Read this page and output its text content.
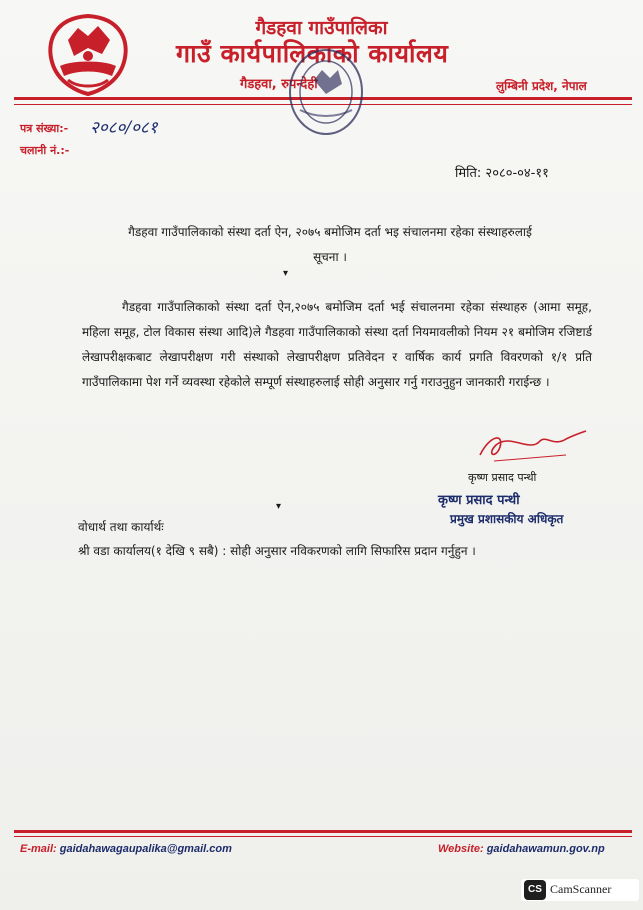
गैडहवा गाउँपालिका
गाउँ कार्यपालिकाको कार्यालय
गैडहवा, रुपन्देही	लुम्बिनी प्रदेश, नेपाल
पत्र संख्या:- २०८०/०८१
चलानी नं.:-
मिति: २०८०-०४-११
गैडहवा गाउँपालिकाको संस्था दर्ता ऐन, २०७५ बमोजिम दर्ता भइ संचालनमा रहेका संस्थाहरुलाई
सूचना ।
▾
गैडहवा गाउँपालिकाको संस्था दर्ता ऐन,२०७५ बमोजिम दर्ता भई संचालनमा रहेका संस्थाहरु (आमा समूह, महिला समूह, टोल विकास संस्था आदि)ले गैडहवा गाउँपालिकाको संस्था दर्ता नियमावलीको नियम २१ बमोजिम रजिष्टार्ड लेखापरीक्षकबाट लेखापरीक्षण गरी संस्थाको लेखापरीक्षण प्रतिवेदन र वार्षिक कार्य प्रगति विवरणको १/१ प्रति गाउँपालिकामा पेश गर्ने व्यवस्था रहेकोले सम्पूर्ण संस्थाहरुलाई सोही अनुसार गर्नु गराउनुहुन जानकारी गराईन्छ ।
कृष्ण प्रसाद पन्थी
कृष्ण प्रसाद पन्थी
प्रमुख प्रशासकीय अधिकृत
▾
वोधार्थ तथा कार्यार्थः
श्री वडा कार्यालय(१ देखि ९ सबै) : सोही अनुसार नविकरणको लागि सिफारिस प्रदान गर्नुहुन ।
E-mail: gaidahawagaupalika@gmail.com	Website: gaidahawamun.gov.np
CS CamScanner
